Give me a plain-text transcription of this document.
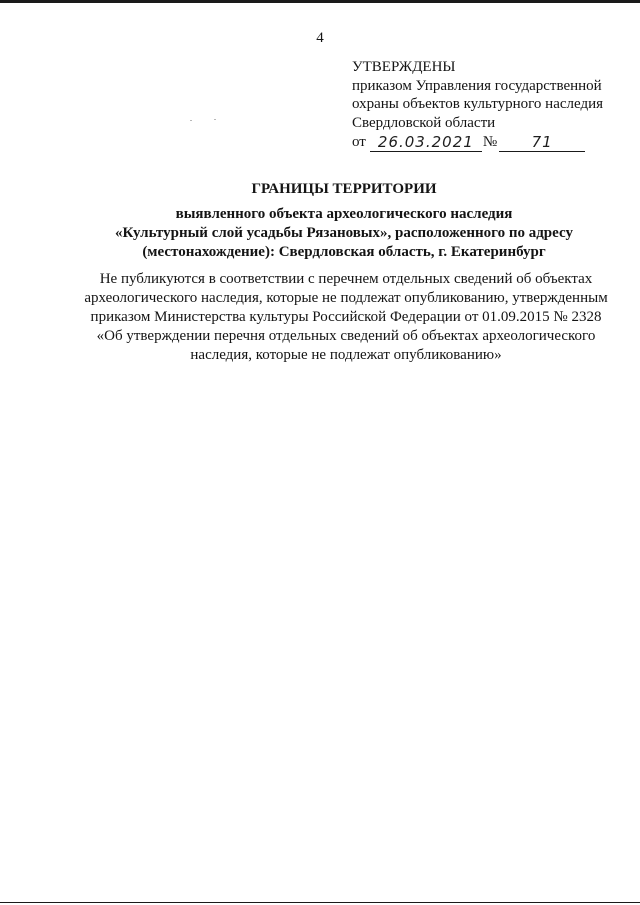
4
УТВЕРЖДЕНЫ
приказом Управления государственной
охраны объектов культурного наследия
Свердловской области
от 26.03.2021 №	71
ГРАНИЦЫ ТЕРРИТОРИИ
выявленного объекта археологического наследия
«Культурный слой усадьбы Рязановых», расположенного по адресу
(местонахождение): Свердловская область, г. Екатеринбург
Не публикуются в соответствии с перечнем отдельных сведений об объектах
археологического наследия, которые не подлежат опубликованию, утвержденным
приказом Министерства культуры Российской Федерации от 01.09.2015 № 2328
«Об утверждении перечня отдельных сведений об объектах археологического
наследия, которые не подлежат опубликованию»
